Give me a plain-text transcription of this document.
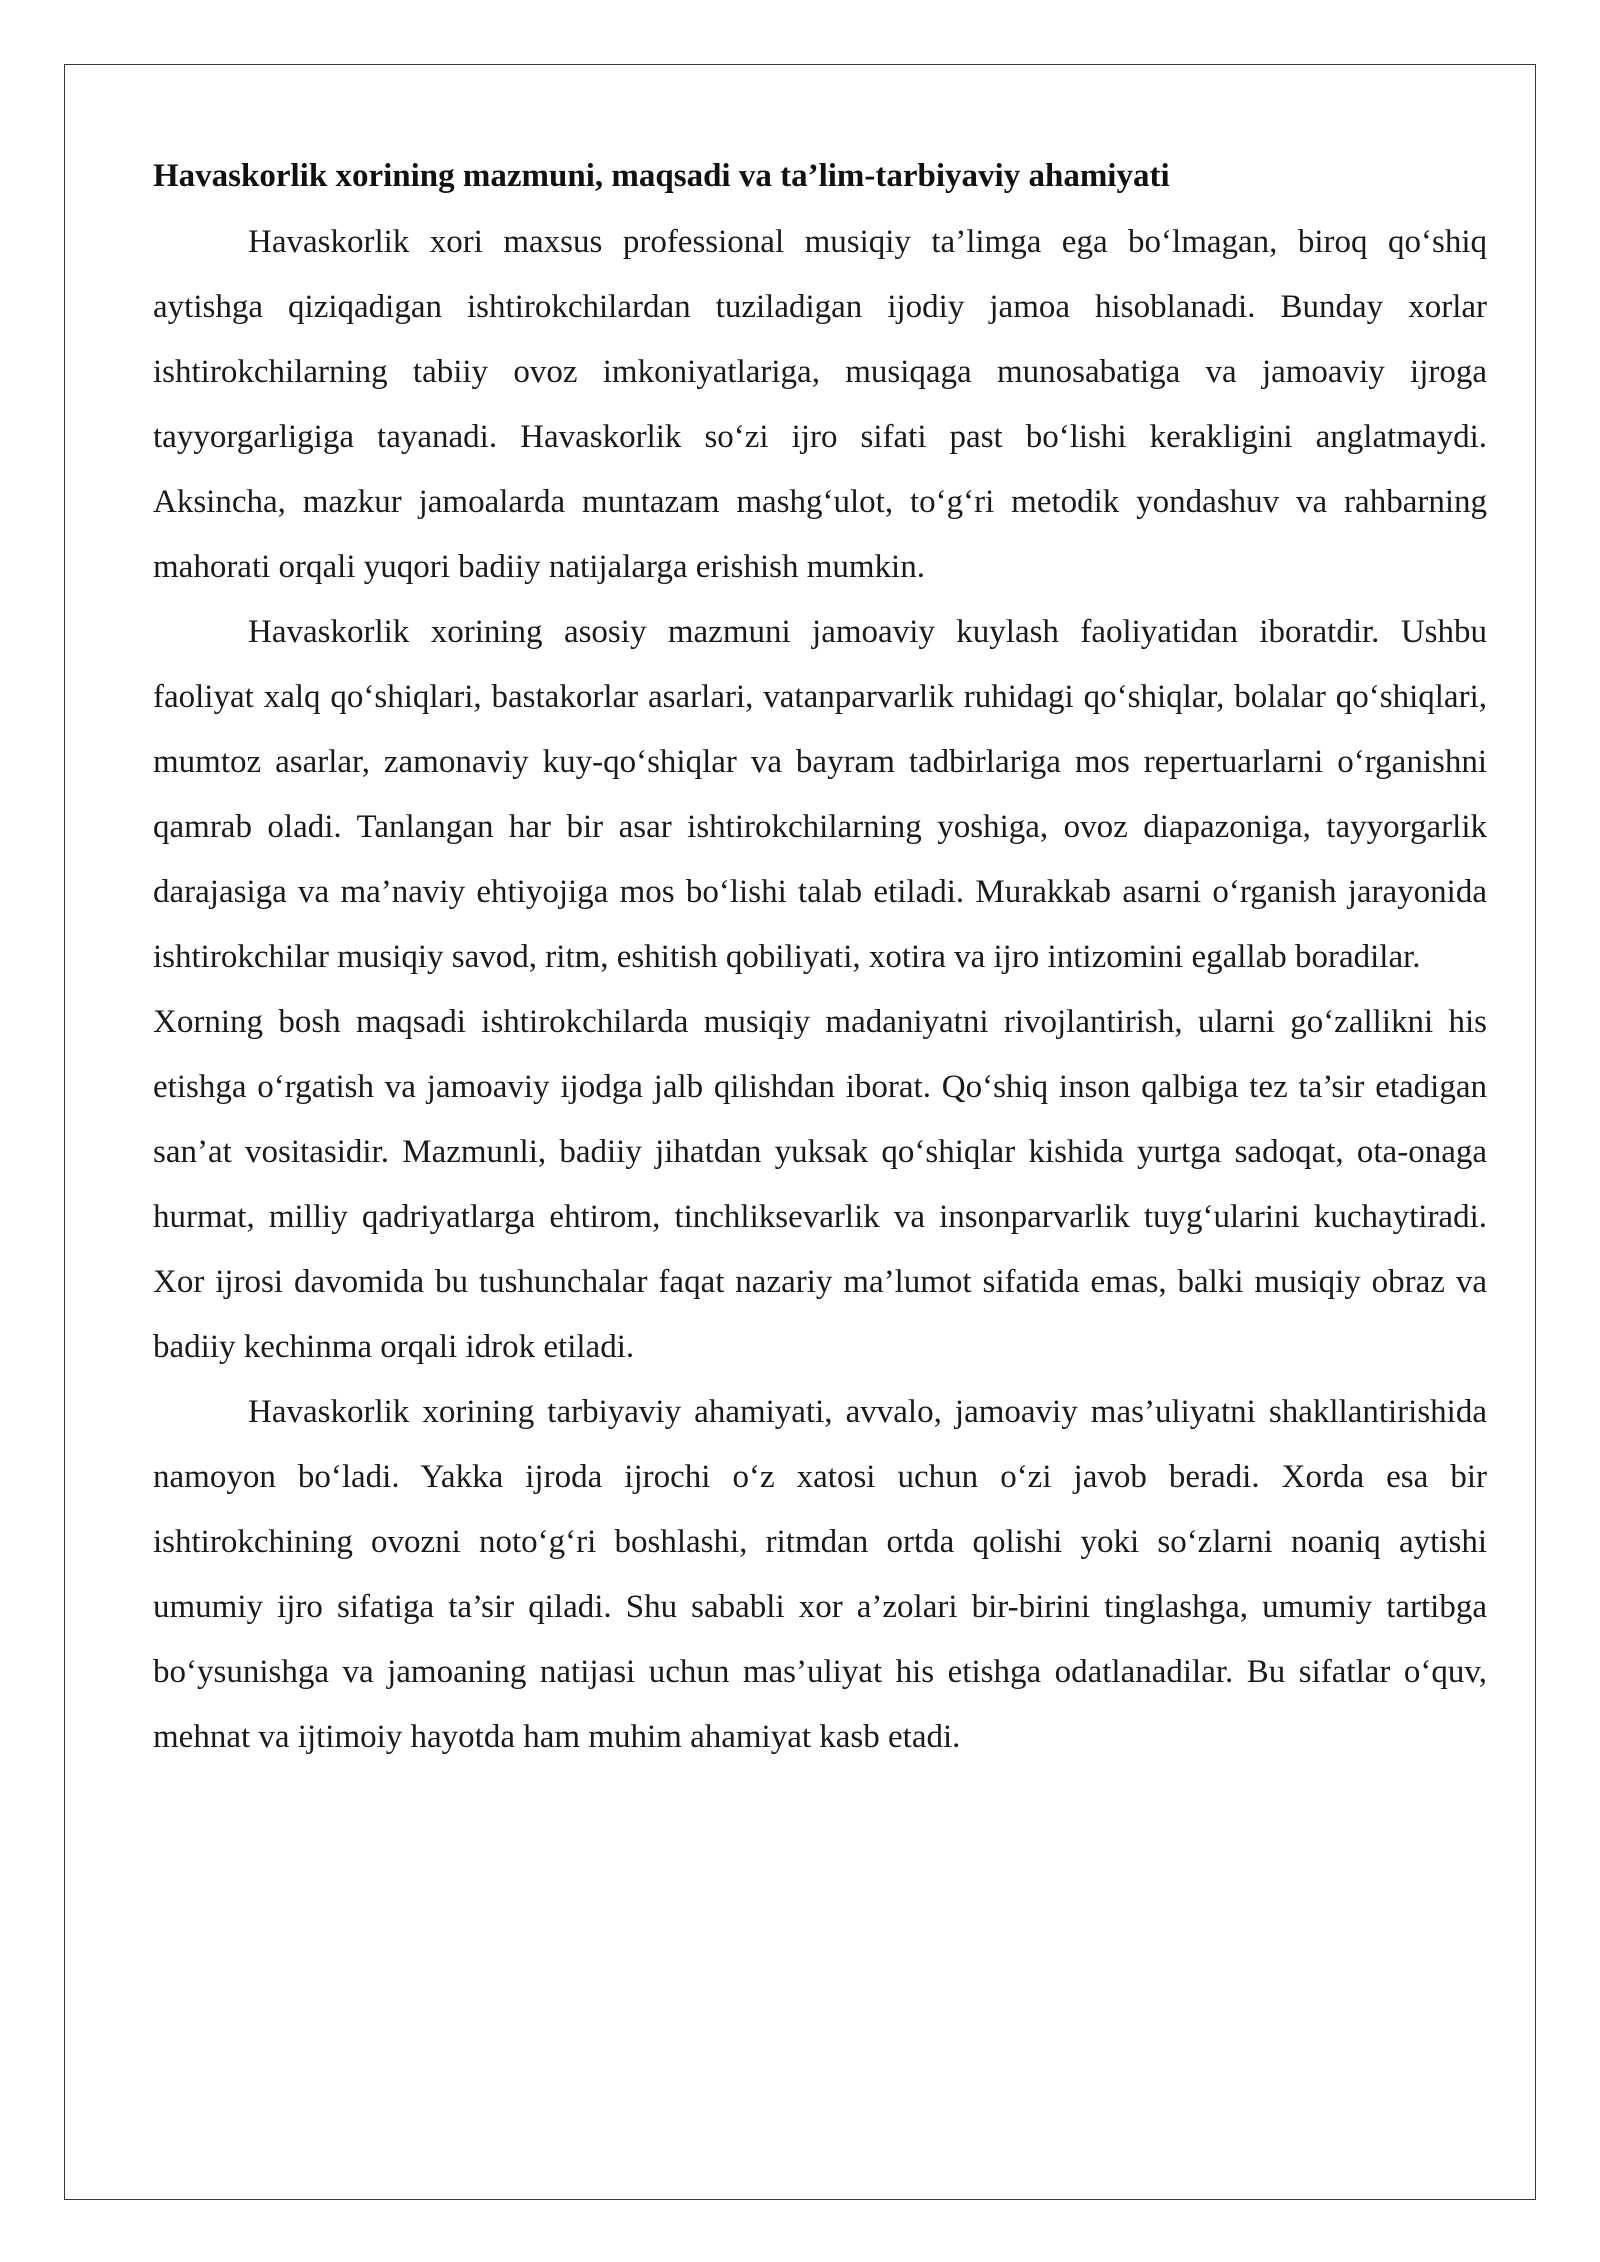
Havaskorlik xorining mazmuni, maqsadi va ta’lim-tarbiyaviy ahamiyati

Havaskorlik xori maxsus professional musiqiy ta’limga ega bo‘lmagan, biroq qo‘shiq aytishga qiziqadigan ishtirokchilardan tuziladigan ijodiy jamoa hisoblanadi. Bunday xorlar ishtirokchilarning tabiiy ovoz imkoniyatlariga, musiqaga munosabatiga va jamoaviy ijroga tayyorgarligiga tayanadi. Havaskorlik so‘zi ijro sifati past bo‘lishi kerakligini anglatmaydi. Aksincha, mazkur jamoalarda muntazam mashg‘ulot, to‘g‘ri metodik yondashuv va rahbarning mahorati orqali yuqori badiiy natijalarga erishish mumkin.

Havaskorlik xorining asosiy mazmuni jamoaviy kuylash faoliyatidan iboratdir. Ushbu faoliyat xalq qo‘shiqlari, bastakorlar asarlari, vatanparvarlik ruhidagi qo‘shiqlar, bolalar qo‘shiqlari, mumtoz asarlar, zamonaviy kuy-qo‘shiqlar va bayram tadbirlariga mos repertuarlarni o‘rganishni qamrab oladi. Tanlangan har bir asar ishtirokchilarning yoshiga, ovoz diapazoniga, tayyorgarlik darajasiga va ma’naviy ehtiyojiga mos bo‘lishi talab etiladi. Murakkab asarni o‘rganish jarayonida ishtirokchilar musiqiy savod, ritm, eshitish qobiliyati, xotira va ijro intizomini egallab boradilar.

Xorning bosh maqsadi ishtirokchilarda musiqiy madaniyatni rivojlantirish, ularni go‘zallikni his etishga o‘rgatish va jamoaviy ijodga jalb qilishdan iborat. Qo‘shiq inson qalbiga tez ta’sir etadigan san’at vositasidir. Mazmunli, badiiy jihatdan yuksak qo‘shiqlar kishida yurtga sadoqat, ota-onaga hurmat, milliy qadriyatlarga ehtirom, tinchliksevarlik va insonparvarlik tuyg‘ularini kuchaytiradi. Xor ijrosi davomida bu tushunchalar faqat nazariy ma’lumot sifatida emas, balki musiqiy obraz va badiiy kechinma orqali idrok etiladi.

Havaskorlik xorining tarbiyaviy ahamiyati, avvalo, jamoaviy mas’uliyatni shakllantirishida namoyon bo‘ladi. Yakka ijroda ijrochi o‘z xatosi uchun o‘zi javob beradi. Xorda esa bir ishtirokchining ovozni noto‘g‘ri boshlashi, ritmdan ortda qolishi yoki so‘zlarni noaniq aytishi umumiy ijro sifatiga ta’sir qiladi. Shu sababli xor a’zolari bir-birini tinglashga, umumiy tartibga bo‘ysunishga va jamoaning natijasi uchun mas’uliyat his etishga odatlanadilar. Bu sifatlar o‘quv, mehnat va ijtimoiy hayotda ham muhim ahamiyat kasb etadi.
